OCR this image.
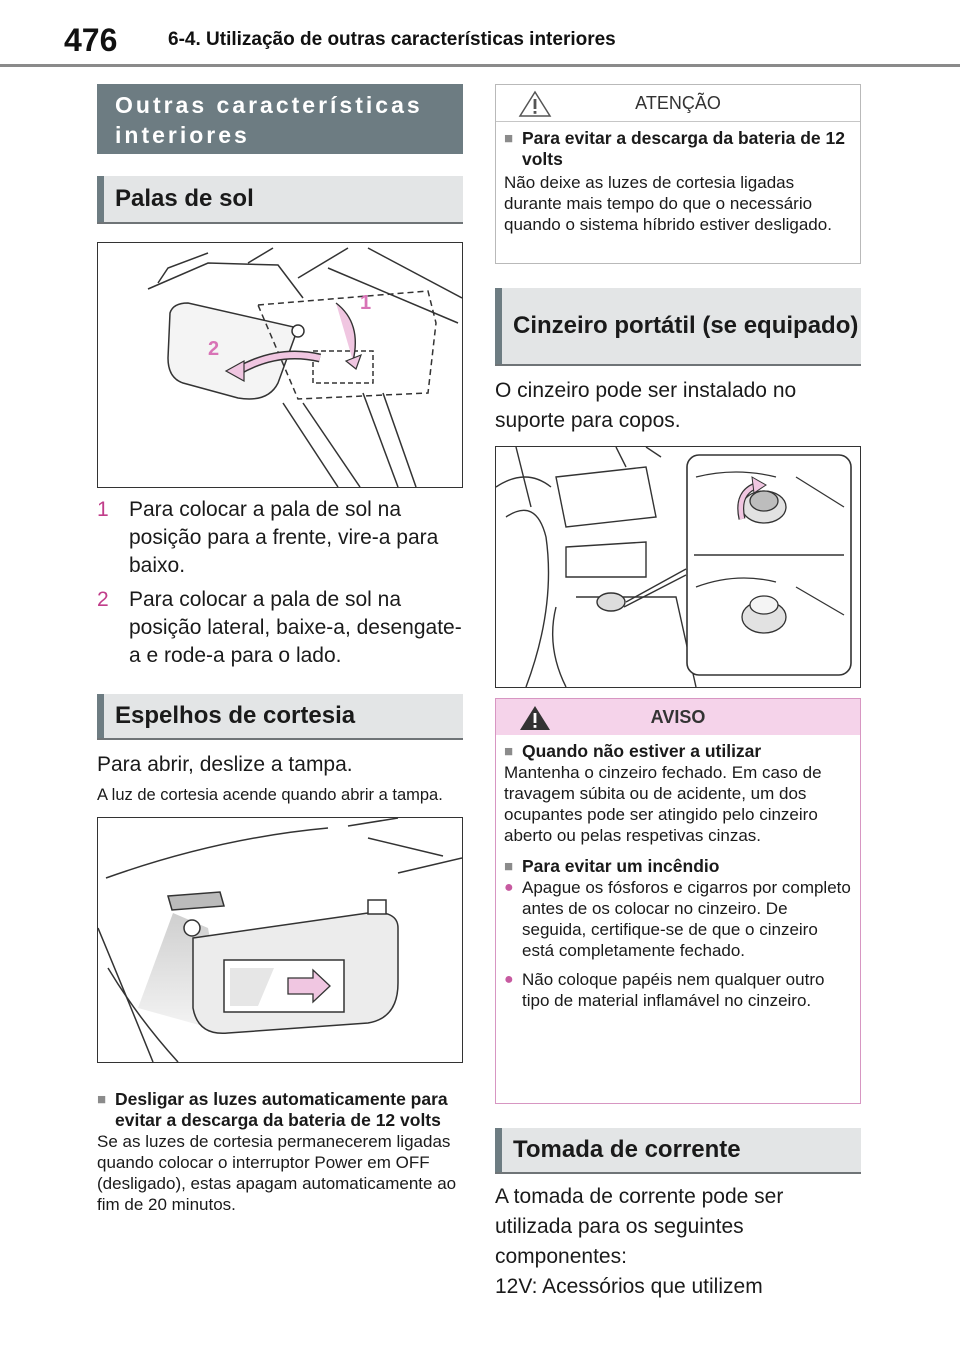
476	6-4. Utilização de outras características interiores
Outras características interiores
Palas de sol
1
2
1 Para colocar a pala de sol na posição para a frente, vire-a para baixo.
2 Para colocar a pala de sol na posição lateral, baixe-a, desengate-a e rode-a para o lado.
Espelhos de cortesia
Para abrir, deslize a tampa.
A luz de cortesia acende quando abrir a tampa.
■ Desligar as luzes automaticamente para evitar a descarga da bateria de 12 volts
Se as luzes de cortesia permanecerem ligadas quando colocar o interruptor Power em OFF (desligado), estas apagam automaticamente ao fim de 20 minutos.
ATENÇÃO
■ Para evitar a descarga da bateria de 12 volts
Não deixe as luzes de cortesia ligadas durante mais tempo do que o necessário quando o sistema híbrido estiver desligado.
Cinzeiro portátil (se equipado)
O cinzeiro pode ser instalado no suporte para copos.
AVISO
■ Quando não estiver a utilizar
Mantenha o cinzeiro fechado. Em caso de travagem súbita ou de acidente, um dos ocupantes pode ser atingido pelo cinzeiro aberto ou pelas respetivas cinzas.
■ Para evitar um incêndio
● Apague os fósforos e cigarros por completo antes de os colocar no cinzeiro. De seguida, certifique-se de que o cinzeiro está completamente fechado.
● Não coloque papéis nem qualquer outro tipo de material inflamável no cinzeiro.
Tomada de corrente
A tomada de corrente pode ser utilizada para os seguintes componentes:
12V: Acessórios que utilizem
